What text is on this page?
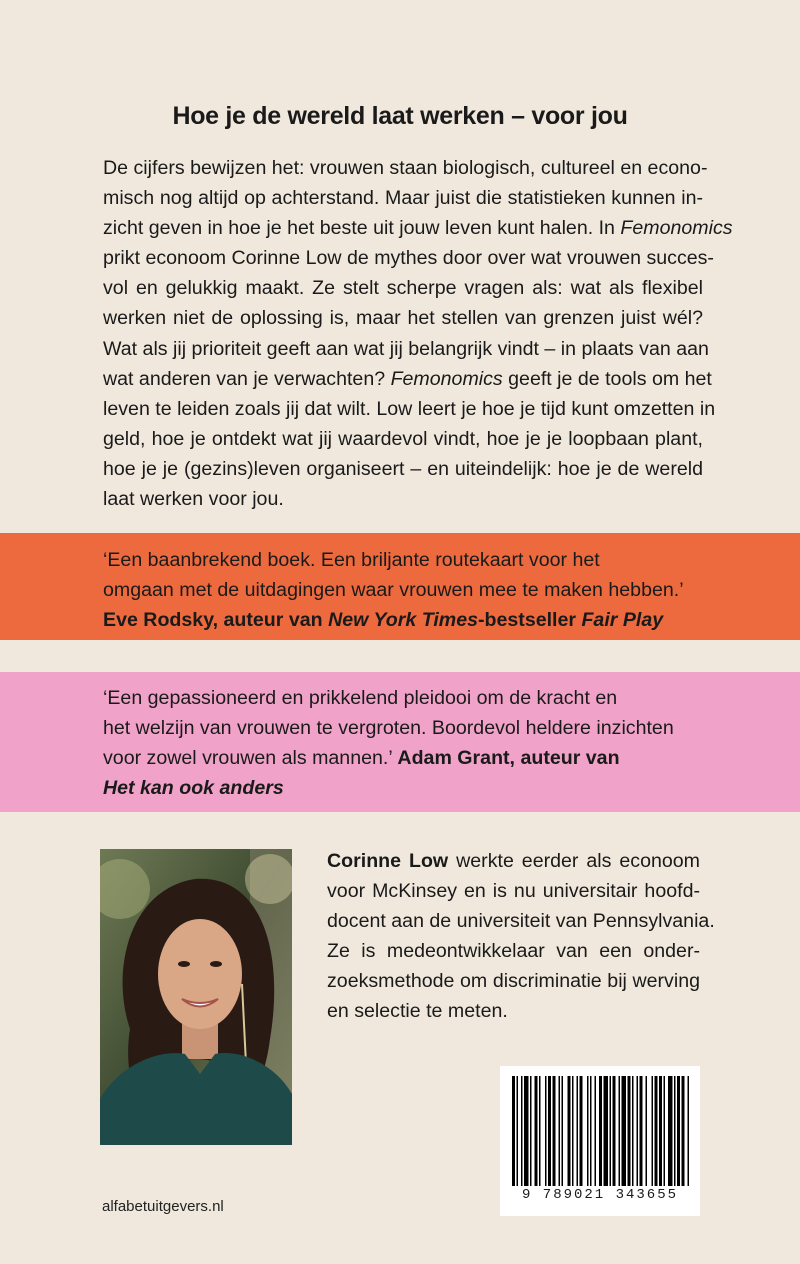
Hoe je de wereld laat werken – voor jou
De cijfers bewijzen het: vrouwen staan biologisch, cultureel en econo-
misch nog altijd op achterstand. Maar juist die statistieken kunnen in-
zicht geven in hoe je het beste uit jouw leven kunt halen. In Femonomics
prikt econoom Corinne Low de mythes door over wat vrouwen succes-
vol en gelukkig maakt. Ze stelt scherpe vragen als: wat als flexibel
werken niet de oplossing is, maar het stellen van grenzen juist wél?
Wat als jij prioriteit geeft aan wat jij belangrijk vindt – in plaats van aan
wat anderen van je verwachten? Femonomics geeft je de tools om het
leven te leiden zoals jij dat wilt. Low leert je hoe je tijd kunt omzetten in
geld, hoe je ontdekt wat jij waardevol vindt, hoe je je loopbaan plant,
hoe je je (gezins)leven organiseert – en uiteindelijk: hoe je de wereld
laat werken voor jou.
‘Een baanbrekend boek. Een briljante routekaart voor het
omgaan met de uitdagingen waar vrouwen mee te maken hebben.’
Eve Rodsky, auteur van New York Times-bestseller Fair Play
‘Een gepassioneerd en prikkelend pleidooi om de kracht en
het welzijn van vrouwen te vergroten. Boordevol heldere inzichten
voor zowel vrouwen als mannen.’ Adam Grant, auteur van
Het kan ook anders
Corinne Low werkte eerder als econoom
voor McKinsey en is nu universitair hoofd-
docent aan de universiteit van Pennsylvania.
Ze is medeontwikkelaar van een onder-
zoeksmethode om discriminatie bij werving
en selectie te meten.
9 789021 343655
alfabetuitgevers.nl
